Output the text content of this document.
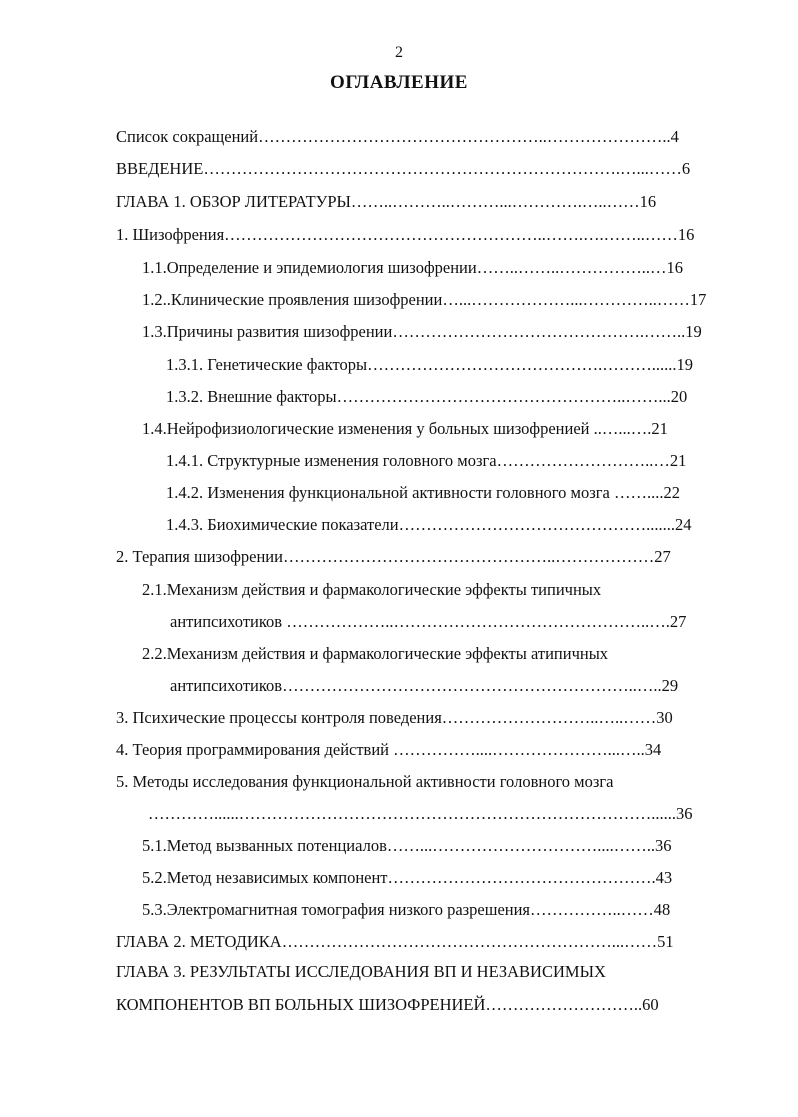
2
ОГЛАВЛЕНИЕ
Список сокращений……………………………………………..…………………..4
ВВЕДЕНИЕ………………………………………………………………….…...……6
ГЛАВА 1. ОБЗОР ЛИТЕРАТУРЫ……..………..………...………….…..……16
1. Шизофрения…………………………………………………..…….….……..……16
1.1.Определение и эпидемиология шизофрении……..……..……………..…16
1.2..Клинические проявления шизофрении…...………………...…………..……17
1.3.Причины развития шизофрении……………………………………….……..19
1.3.1. Генетические факторы…………………………………….………......19
1.3.2. Внешние факторы……………………………………………..……...20
1.4.Нейрофизиологические изменения у больных шизофренией ..…...….21
1.4.1. Структурные изменения головного мозга………………………..…21
1.4.2. Изменения функциональной активности головного мозга ……....22
1.4.3. Биохимические показатели……………………………………….......24
2. Терапия шизофрении…………………………………………..………………27
2.1.Механизм действия и фармакологические эффекты типичных
антипсихотиков ………………..………………………………………..….27
2.2.Механизм действия и фармакологические эффекты атипичных
антипсихотиков………………………………………………………..…..29
3. Психические процессы контроля поведения………………………..…..……30
4. Теория программирования действий ……………....…………………...…..34
5. Методы исследования функциональной активности головного мозга
…………......…………………………………………………………………......36
5.1.Метод вызванных потенциалов……...…………………………....……..36
5.2.Метод независимых компонент………………………………………….43
5.3.Электромагнитная томография низкого разрешения……………..……48
ГЛАВА 2. МЕТОДИКА……………………………………………………...……51
ГЛАВА 3. РЕЗУЛЬТАТЫ ИССЛЕДОВАНИЯ ВП И НЕЗАВИСИМЫХ
КОМПОНЕНТОВ ВП БОЛЬНЫХ ШИЗОФРЕНИЕЙ………………………..60
